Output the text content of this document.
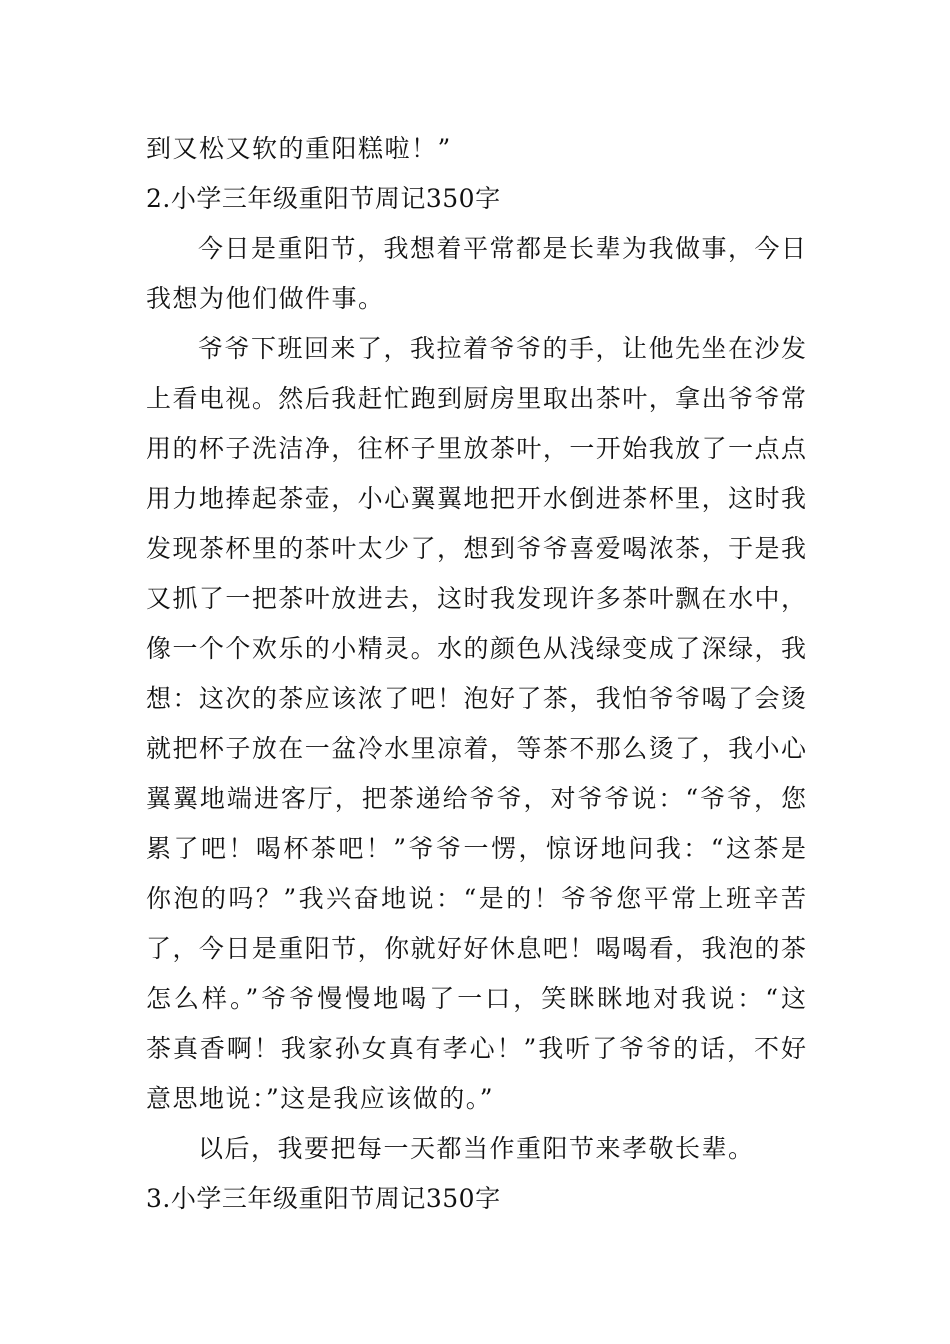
到又松又软的重阳糕啦！”
2.小学三年级重阳节周记350字
今日是重阳节，我想着平常都是长辈为我做事，今日
我想为他们做件事。
爷爷下班回来了，我拉着爷爷的手，让他先坐在沙发
上看电视。然后我赶忙跑到厨房里取出茶叶，拿出爷爷常
用的杯子洗洁净，往杯子里放茶叶，一开始我放了一点点
用力地捧起茶壶，小心翼翼地把开水倒进茶杯里，这时我
发现茶杯里的茶叶太少了，想到爷爷喜爱喝浓茶，于是我
又抓了一把茶叶放进去，这时我发现许多茶叶飘在水中，
像一个个欢乐的小精灵。水的颜色从浅绿变成了深绿，我
想：这次的茶应该浓了吧！泡好了茶，我怕爷爷喝了会烫
就把杯子放在一盆冷水里凉着，等茶不那么烫了，我小心
翼翼地端进客厅，把茶递给爷爷，对爷爷说：“爷爷，您
累了吧！喝杯茶吧！”爷爷一愣，惊讶地问我：“这茶是
你泡的吗？”我兴奋地说：“是的！爷爷您平常上班辛苦
了，今日是重阳节，你就好好休息吧！喝喝看，我泡的茶
怎么样。”爷爷慢慢地喝了一口，笑眯眯地对我说：“这
茶真香啊！我家孙女真有孝心！”我听了爷爷的话，不好
意思地说：”这是我应该做的。”
以后，我要把每一天都当作重阳节来孝敬长辈。
3.小学三年级重阳节周记350字
